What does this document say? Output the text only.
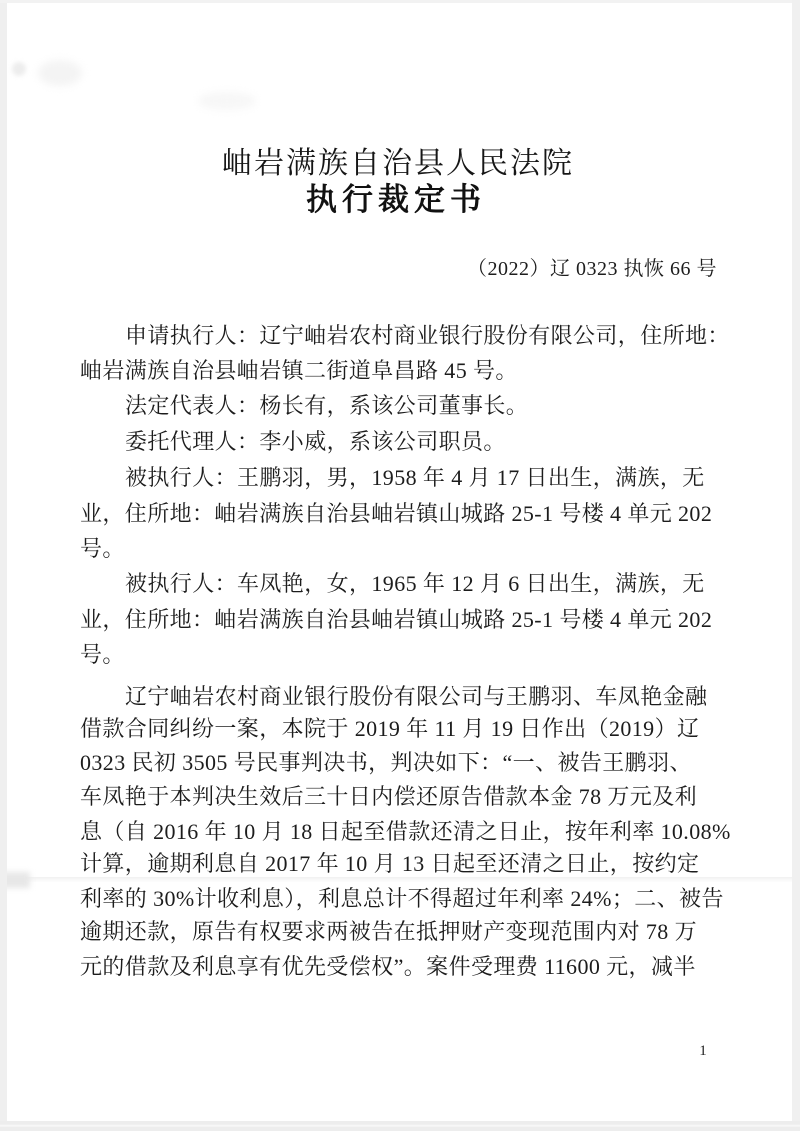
岫岩满族自治县人民法院
执行裁定书
（2022）辽 0323 执恢 66 号
申请执行人：辽宁岫岩农村商业银行股份有限公司，住所地：
岫岩满族自治县岫岩镇二街道阜昌路 45 号。
法定代表人：杨长有，系该公司董事长。
委托代理人：李小威，系该公司职员。
被执行人：王鹏羽，男，1958 年 4 月 17 日出生，满族，无
业，住所地：岫岩满族自治县岫岩镇山城路 25-1 号楼 4 单元 202
号。
被执行人：车凤艳，女，1965 年 12 月 6 日出生，满族，无
业，住所地：岫岩满族自治县岫岩镇山城路 25-1 号楼 4 单元 202
号。
辽宁岫岩农村商业银行股份有限公司与王鹏羽、车凤艳金融
借款合同纠纷一案，本院于 2019 年 11 月 19 日作出（2019）辽
0323 民初 3505 号民事判决书，判决如下：“一、被告王鹏羽、
车凤艳于本判决生效后三十日内偿还原告借款本金 78 万元及利
息（自 2016 年 10 月 18 日起至借款还清之日止，按年利率 10.08%
计算，逾期利息自 2017 年 10 月 13 日起至还清之日止，按约定
利率的 30%计收利息），利息总计不得超过年利率 24%；二、被告
逾期还款，原告有权要求两被告在抵押财产变现范围内对 78 万
元的借款及利息享有优先受偿权”。案件受理费 11600 元，减半
1
